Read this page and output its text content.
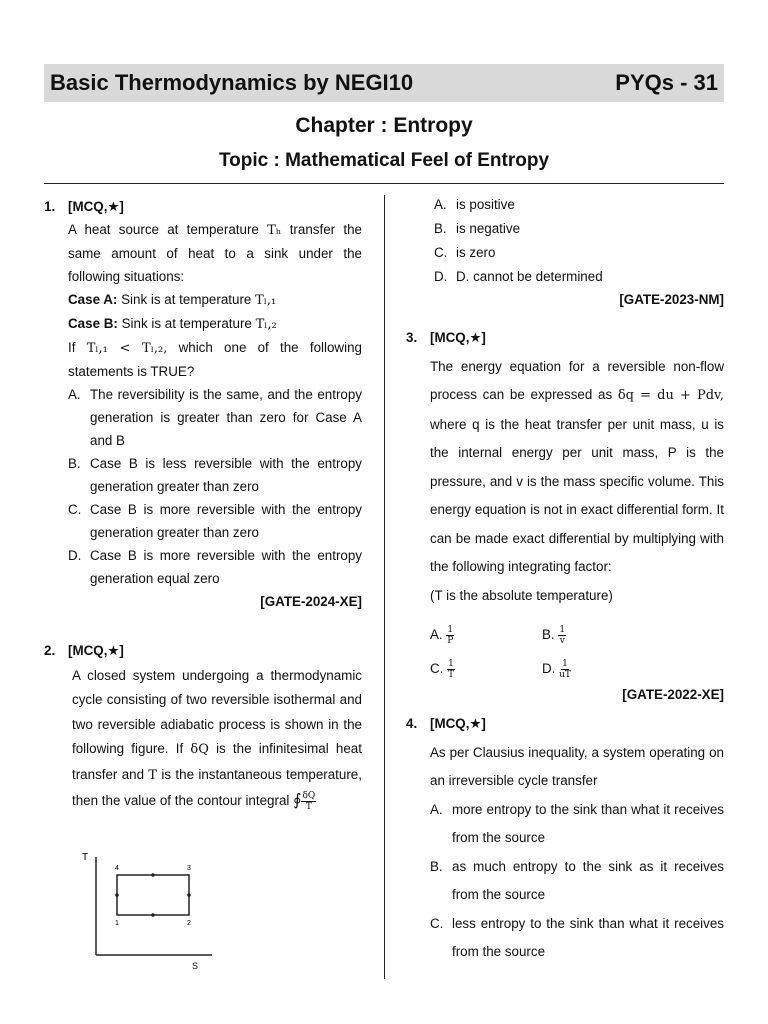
Basic Thermodynamics by NEGI10	PYQs - 31
Chapter : Entropy
Topic : Mathematical Feel of Entropy
1. [MCQ,★]
A heat source at temperature Tₕ transfer the same amount of heat to a sink under the following situations:
Case A: Sink is at temperature Tₗ,₁
Case B: Sink is at temperature Tₗ,₂
If Tₗ,₁ < Tₗ,₂, which one of the following statements is TRUE?
A. The reversibility is the same, and the entropy generation is greater than zero for Case A and B
B. Case B is less reversible with the entropy generation greater than zero
C. Case B is more reversible with the entropy generation greater than zero
D. Case B is more reversible with the entropy generation equal zero
[GATE-2024-XE]
2. [MCQ,★]
A closed system undergoing a thermodynamic cycle consisting of two reversible isothermal and two reversible adiabatic process is shown in the following figure. If δQ is the infinitesimal heat transfer and T is the instantaneous temperature, then the value of the contour integral ∮ $\frac{\delta Q}{T}$
T
S
1	2
3
4
A. is positive
B. is negative
C. is zero
D. D. cannot be determined
[GATE-2023-NM]
3. [MCQ,★]
The energy equation for a reversible non-flow process can be expressed as δq = du + Pdv, where q is the heat transfer per unit mass, u is the internal energy per unit mass, P is the pressure, and v is the mass specific volume. This energy equation is not in exact differential form. It can be made exact differential by multiplying with the following integrating factor:
(T is the absolute temperature)
A. $\frac{1}{P}$	B. $\frac{1}{v}$
C. $\frac{1}{T}$	D. $\frac{1}{uT}$
[GATE-2022-XE]
4. [MCQ,★]
As per Clausius inequality, a system operating on an irreversible cycle transfer
A. more entropy to the sink than what it receives from the source
B. as much entropy to the sink as it receives from the source
C. less entropy to the sink than what it receives from the source
